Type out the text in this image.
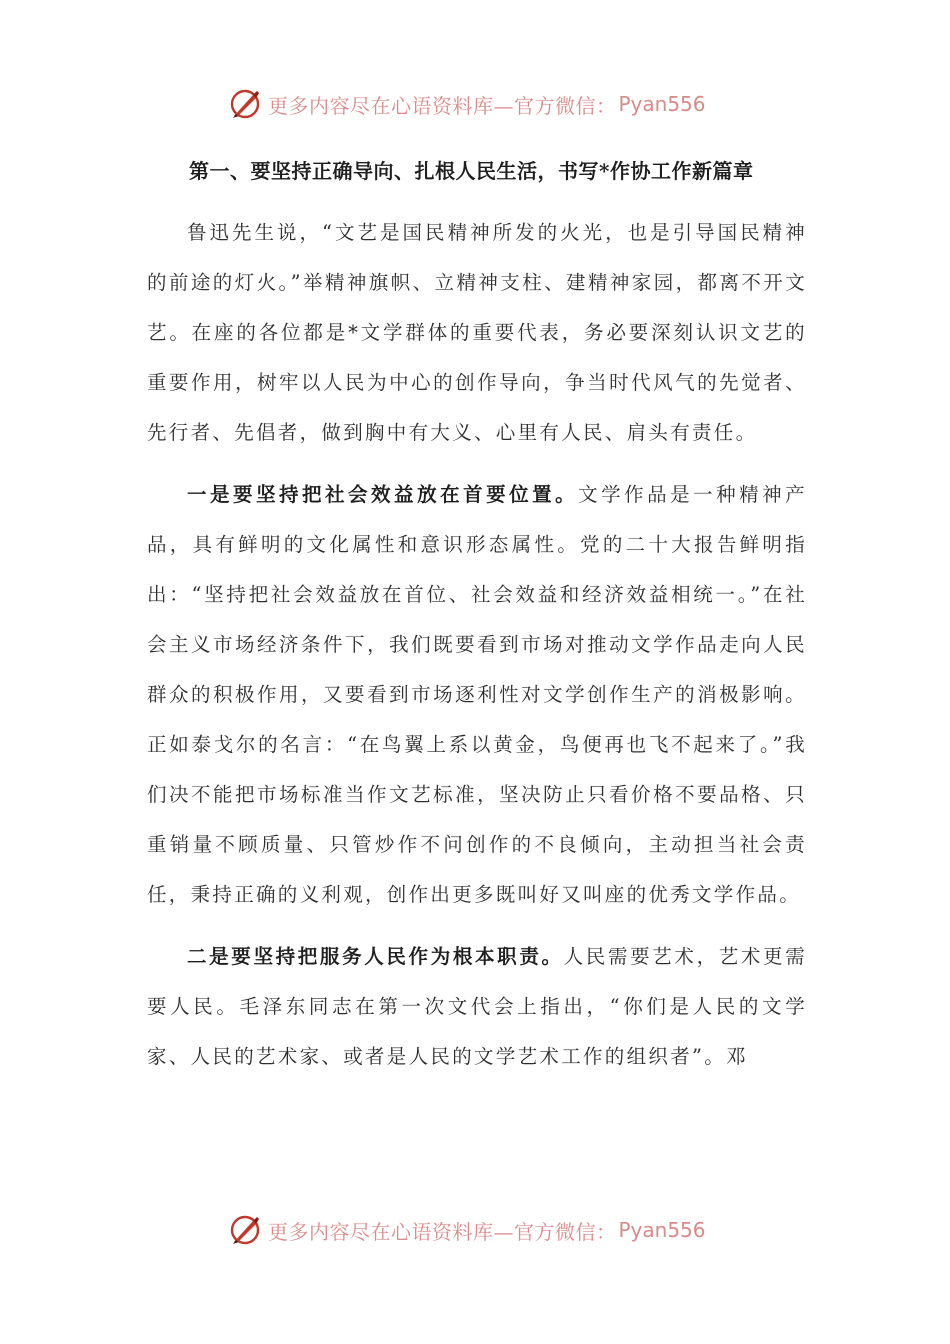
更多内容尽在心语资料库—官方微信： Pyan556
第一、要坚持正确导向、扎根人民生活，书写*作协工作新篇章

鲁迅先生说，“文艺是国民精神所发的火光，也是引导国民精神的前途的灯火。”举精神旗帜、立精神支柱、建精神家园，都离不开文艺。在座的各位都是*文学群体的重要代表，务必要深刻认识文艺的重要作用，树牢以人民为中心的创作导向，争当时代风气的先觉者、先行者、先倡者，做到胸中有大义、心里有人民、肩头有责任。

一是要坚持把社会效益放在首要位置。文学作品是一种精神产品，具有鲜明的文化属性和意识形态属性。党的二十大报告鲜明指出：“坚持把社会效益放在首位、社会效益和经济效益相统一。”在社会主义市场经济条件下，我们既要看到市场对推动文学作品走向人民群众的积极作用，又要看到市场逐利性对文学创作生产的消极影响。正如泰戈尔的名言：“在鸟翼上系以黄金，鸟便再也飞不起来了。”我们决不能把市场标准当作文艺标准，坚决防止只看价格不要品格、只重销量不顾质量、只管炒作不问创作的不良倾向，主动担当社会责任，秉持正确的义利观，创作出更多既叫好又叫座的优秀文学作品。

二是要坚持把服务人民作为根本职责。人民需要艺术，艺术更需要人民。毛泽东同志在第一次文代会上指出，“你们是人民的文学家、人民的艺术家、或者是人民的文学艺术工作的组织者”。邓

更多内容尽在心语资料库—官方微信： Pyan556
